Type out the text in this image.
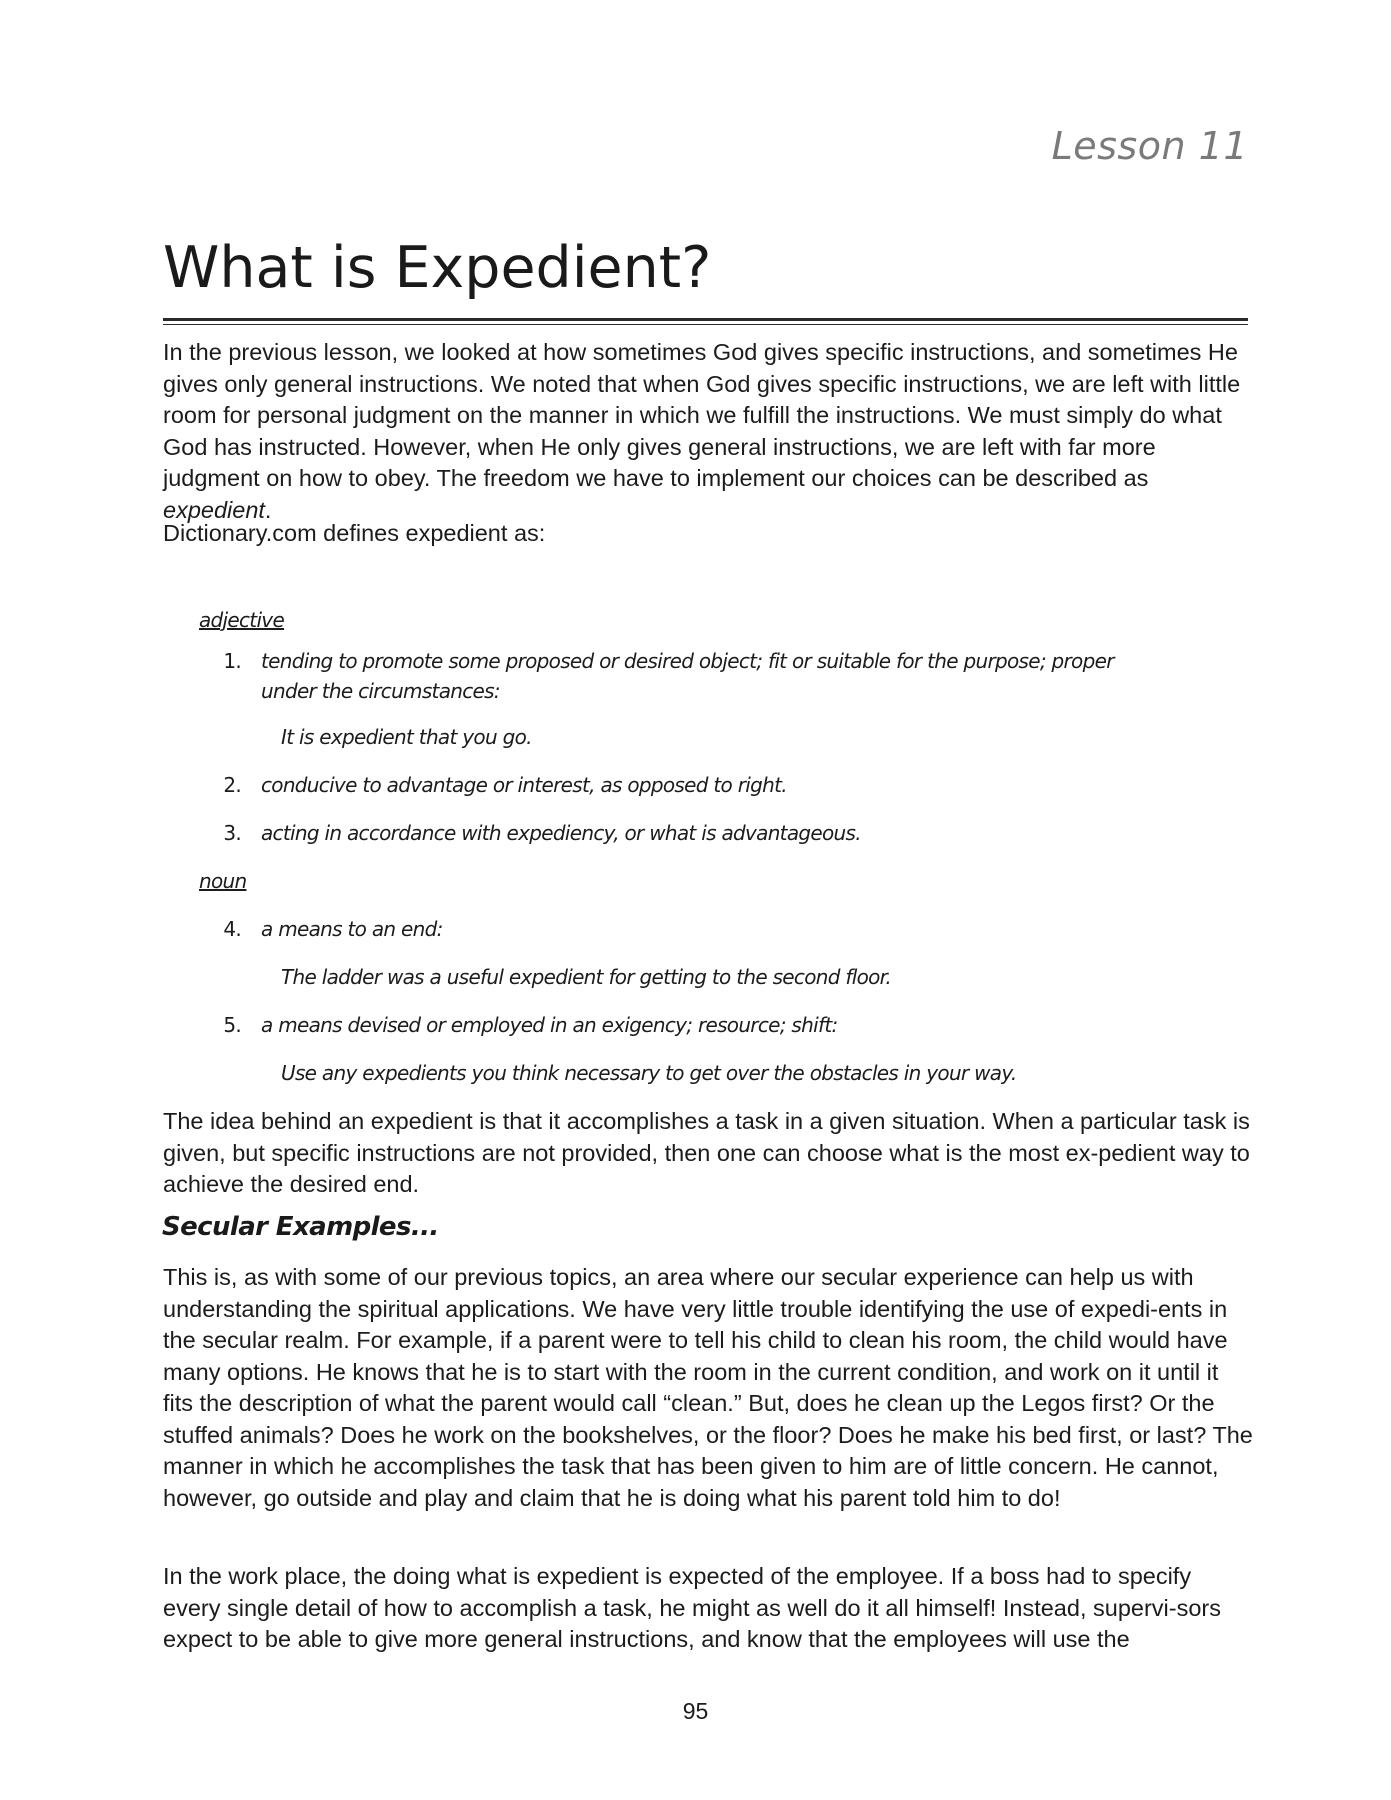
Lesson 11
What is Expedient?

In the previous lesson, we looked at how sometimes God gives specific instructions, and sometimes He gives only general instructions. We noted that when God gives specific instructions, we are left with little room for personal judgment on the manner in which we fulfill the instructions. We must simply do what God has instructed. However, when He only gives general instructions, we are left with far more judgment on how to obey. The freedom we have to implement our choices can be described as expedient.

Dictionary.com defines expedient as:

adjective
1. tending to promote some proposed or desired object; fit or suitable for the purpose; proper
under the circumstances:
It is expedient that you go.
2. conducive to advantage or interest, as opposed to right.
3. acting in accordance with expediency, or what is advantageous.
noun
4. a means to an end:
The ladder was a useful expedient for getting to the second floor.
5. a means devised or employed in an exigency; resource; shift:
Use any expedients you think necessary to get over the obstacles in your way.

The idea behind an expedient is that it accomplishes a task in a given situation. When a particular task is given, but specific instructions are not provided, then one can choose what is the most ex-pedient way to achieve the desired end.

Secular Examples...

This is, as with some of our previous topics, an area where our secular experience can help us with understanding the spiritual applications. We have very little trouble identifying the use of expedi-ents in the secular realm. For example, if a parent were to tell his child to clean his room, the child would have many options. He knows that he is to start with the room in the current condition, and work on it until it fits the description of what the parent would call “clean.” But, does he clean up the Legos first? Or the stuffed animals? Does he work on the bookshelves, or the floor? Does he make his bed first, or last? The manner in which he accomplishes the task that has been given to him are of little concern. He cannot, however, go outside and play and claim that he is doing what his parent told him to do!

In the work place, the doing what is expedient is expected of the employee. If a boss had to specify every single detail of how to accomplish a task, he might as well do it all himself! Instead, supervi-sors expect to be able to give more general instructions, and know that the employees will use the

95
